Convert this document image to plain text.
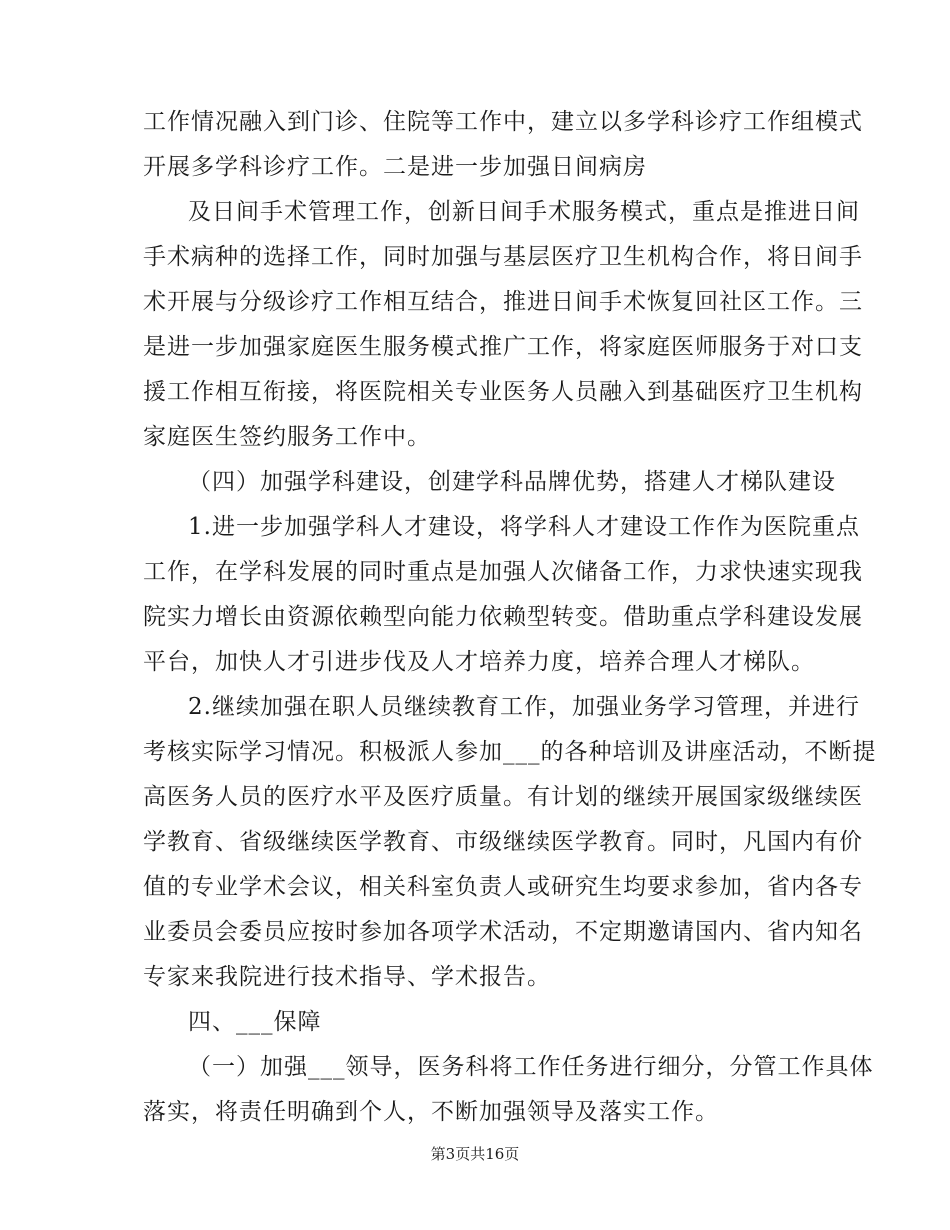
工作情况融入到门诊、住院等工作中，建立以多学科诊疗工作组模式
开展多学科诊疗工作。二是进一步加强日间病房
及日间手术管理工作，创新日间手术服务模式，重点是推进日间
手术病种的选择工作，同时加强与基层医疗卫生机构合作，将日间手
术开展与分级诊疗工作相互结合，推进日间手术恢复回社区工作。三
是进一步加强家庭医生服务模式推广工作，将家庭医师服务于对口支
援工作相互衔接，将医院相关专业医务人员融入到基础医疗卫生机构
家庭医生签约服务工作中。
（四）加强学科建设，创建学科品牌优势，搭建人才梯队建设
1.进一步加强学科人才建设，将学科人才建设工作作为医院重点
工作，在学科发展的同时重点是加强人次储备工作，力求快速实现我
院实力增长由资源依赖型向能力依赖型转变。借助重点学科建设发展
平台，加快人才引进步伐及人才培养力度，培养合理人才梯队。
2.继续加强在职人员继续教育工作，加强业务学习管理，并进行
考核实际学习情况。积极派人参加___的各种培训及讲座活动，不断提
高医务人员的医疗水平及医疗质量。有计划的继续开展国家级继续医
学教育、省级继续医学教育、市级继续医学教育。同时，凡国内有价
值的专业学术会议，相关科室负责人或研究生均要求参加，省内各专
业委员会委员应按时参加各项学术活动，不定期邀请国内、省内知名
专家来我院进行技术指导、学术报告。
四、___保障
（一）加强___领导，医务科将工作任务进行细分，分管工作具体
落实，将责任明确到个人，不断加强领导及落实工作。
第3页共16页
